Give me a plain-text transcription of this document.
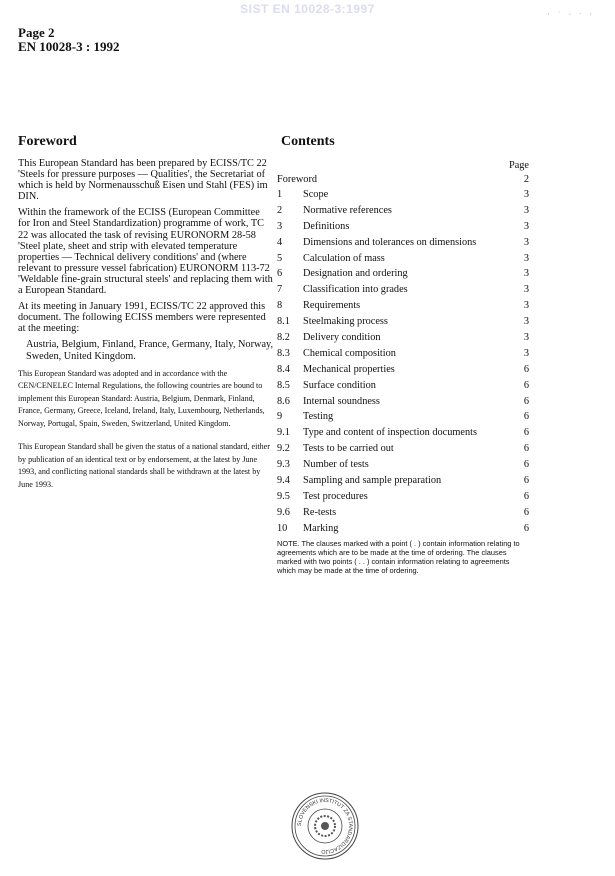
SIST EN 10028-3:1997	· ˙ · ˑ ·
Page 2
EN 10028-3 : 1992
Foreword	Contents

This European Standard has been prepared by ECISS/TC 22 'Steels for pressure purposes — Qualities', the Secretariat of which is held by Normenausschuß Eisen und Stahl (FES) im DIN.

Within the framework of the ECISS (European Committee for Iron and Steel Standardization) programme of work, TC 22 was allocated the task of revising EURONORM 28-58 'Steel plate, sheet and strip with elevated temperature properties — Technical delivery conditions' and (where relevant to pressure vessel fabrication) EURONORM 113-72 'Weldable fine-grain structural steels' and replacing them with a European Standard.

At its meeting in January 1991, ECISS/TC 22 approved this document. The following ECISS members were represented at the meeting:

Austria, Belgium, Finland, France, Germany, Italy, Norway, Sweden, United Kingdom.

This European Standard was adopted and in accordance with the CEN/CENELEC Internal Regulations, the following countries are bound to implement this European Standard: Austria, Belgium, Denmark, Finland, France, Germany, Greece, Iceland, Ireland, Italy, Luxembourg, Netherlands, Norway, Portugal, Spain, Sweden, Switzerland, United Kingdom.

This European Standard shall be given the status of a national standard, either by publication of an identical text or by endorsement, at the latest by June 1993, and conflicting national standards shall be withdrawn at the latest by June 1993.

Page
Foreword	2
1	Scope	3
2	Normative references	3
3	Definitions	3
4	Dimensions and tolerances on dimensions	3
5	Calculation of mass	3
6	Designation and ordering	3
7	Classification into grades	3
8	Requirements	3
8.1	Steelmaking process	3
8.2	Delivery condition	3
8.3	Chemical composition	3
8.4	Mechanical properties	6
8.5	Surface condition	6
8.6	Internal soundness	6
9	Testing	6
9.1	Type and content of inspection documents	6
9.2	Tests to be carried out	6
9.3	Number of tests	6
9.4	Sampling and sample preparation	6
9.5	Test procedures	6
9.6	Re-tests	6
10	Marking	6
NOTE. The clauses marked with a point ( . ) contain information relating to agreements which are to be made at the time of ordering. The clauses marked with two points ( . . ) contain information relating to agreements which may be made at the time of ordering.
SLOVENSKI INSTITUT ZA STANDARDIZACIJO
